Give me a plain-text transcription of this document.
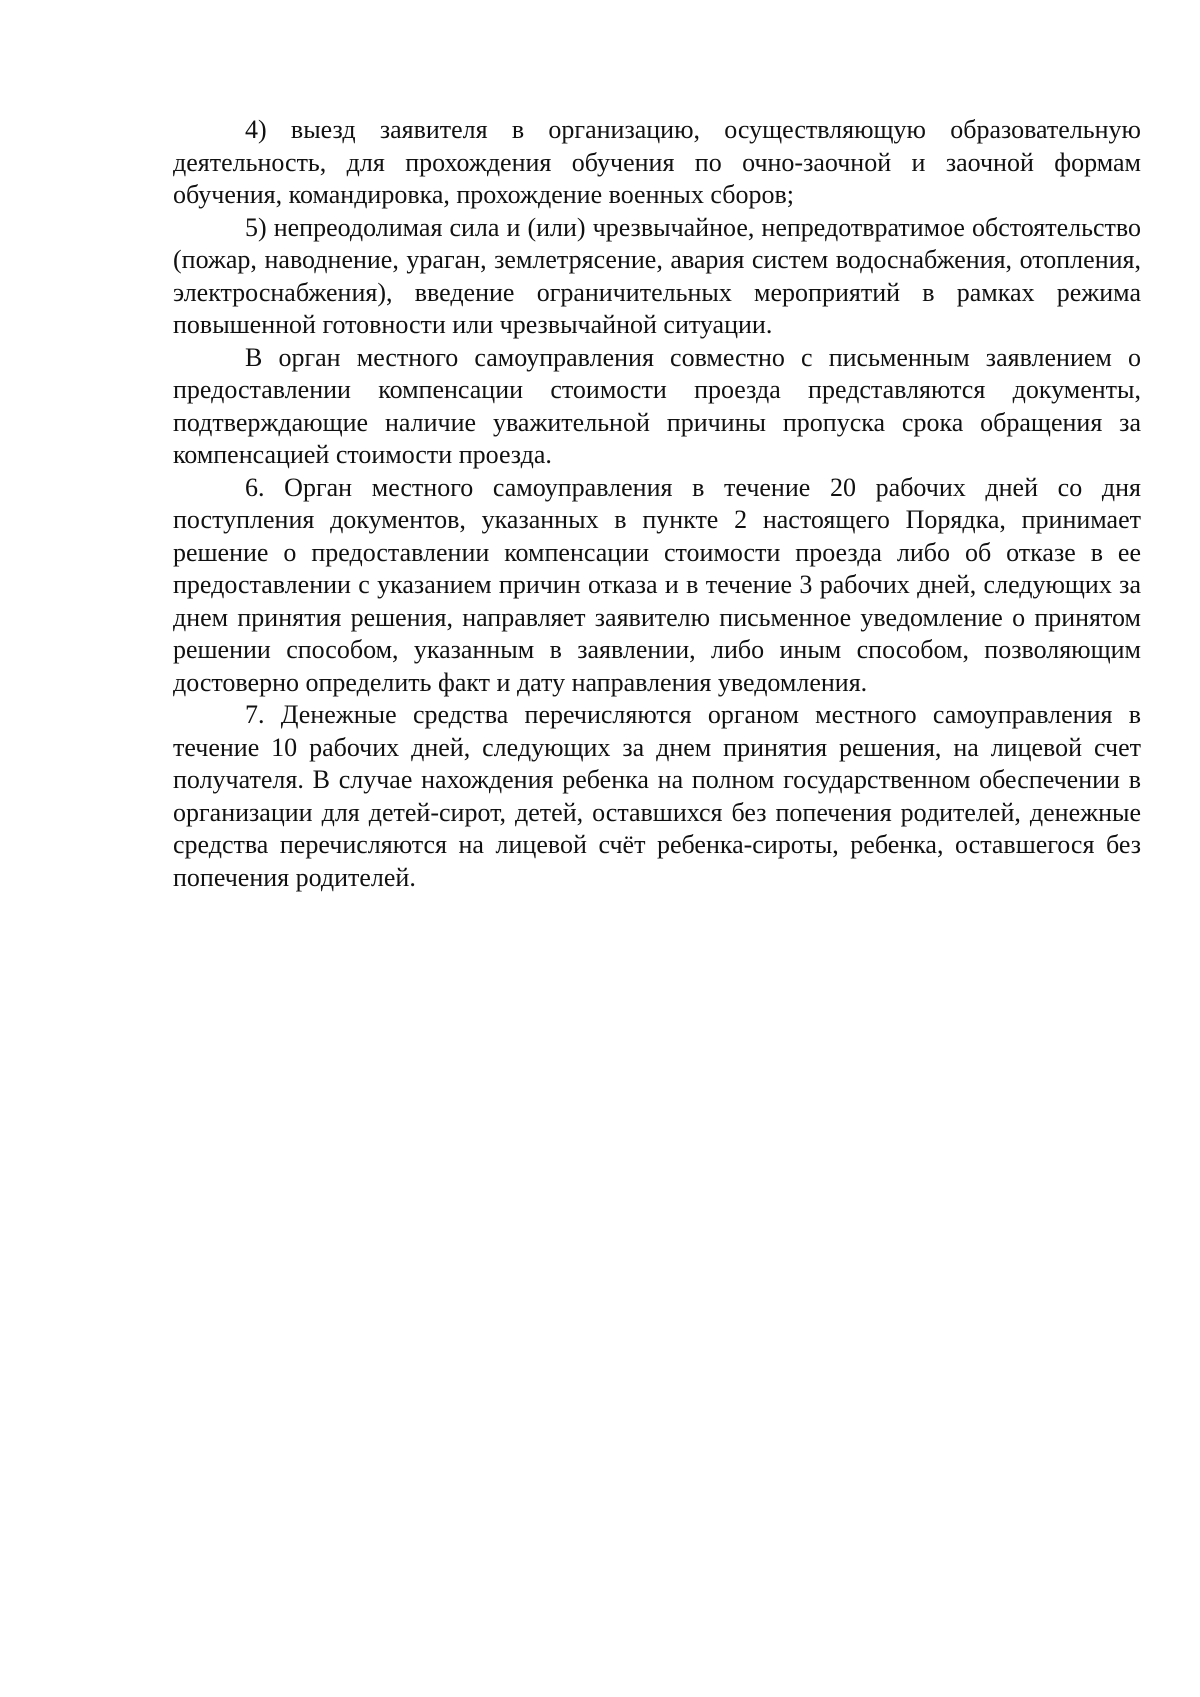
4) выезд заявителя в организацию, осуществляющую образовательную деятельность, для прохождения обучения по очно-заочной и заочной формам обучения, командировка, прохождение военных сборов;

5) непреодолимая сила и (или) чрезвычайное, непредотвратимое обстоятельство (пожар, наводнение, ураган, землетрясение, авария систем водоснабжения, отопления, электроснабжения), введение ограничительных мероприятий в рамках режима повышенной готовности или чрезвычайной ситуации.

В орган местного самоуправления совместно с письменным заявлением о предоставлении компенсации стоимости проезда представляются документы, подтверждающие наличие уважительной причины пропуска срока обращения за компенсацией стоимости проезда.

6. Орган местного самоуправления в течение 20 рабочих дней со дня поступления документов, указанных в пункте 2 настоящего Порядка, принимает решение о предоставлении компенсации стоимости проезда либо об отказе в ее предоставлении с указанием причин отказа и в течение 3 рабочих дней, следующих за днем принятия решения, направляет заявителю письменное уведомление о принятом решении способом, указанным в заявлении, либо иным способом, позволяющим достоверно определить факт и дату направления уведомления.

7. Денежные средства перечисляются органом местного самоуправления в течение 10 рабочих дней, следующих за днем принятия решения, на лицевой счет получателя. В случае нахождения ребенка на полном государственном обеспечении в организации для детей-сирот, детей, оставшихся без попечения родителей, денежные средства перечисляются на лицевой счёт ребенка-сироты, ребенка, оставшегося без попечения родителей.
